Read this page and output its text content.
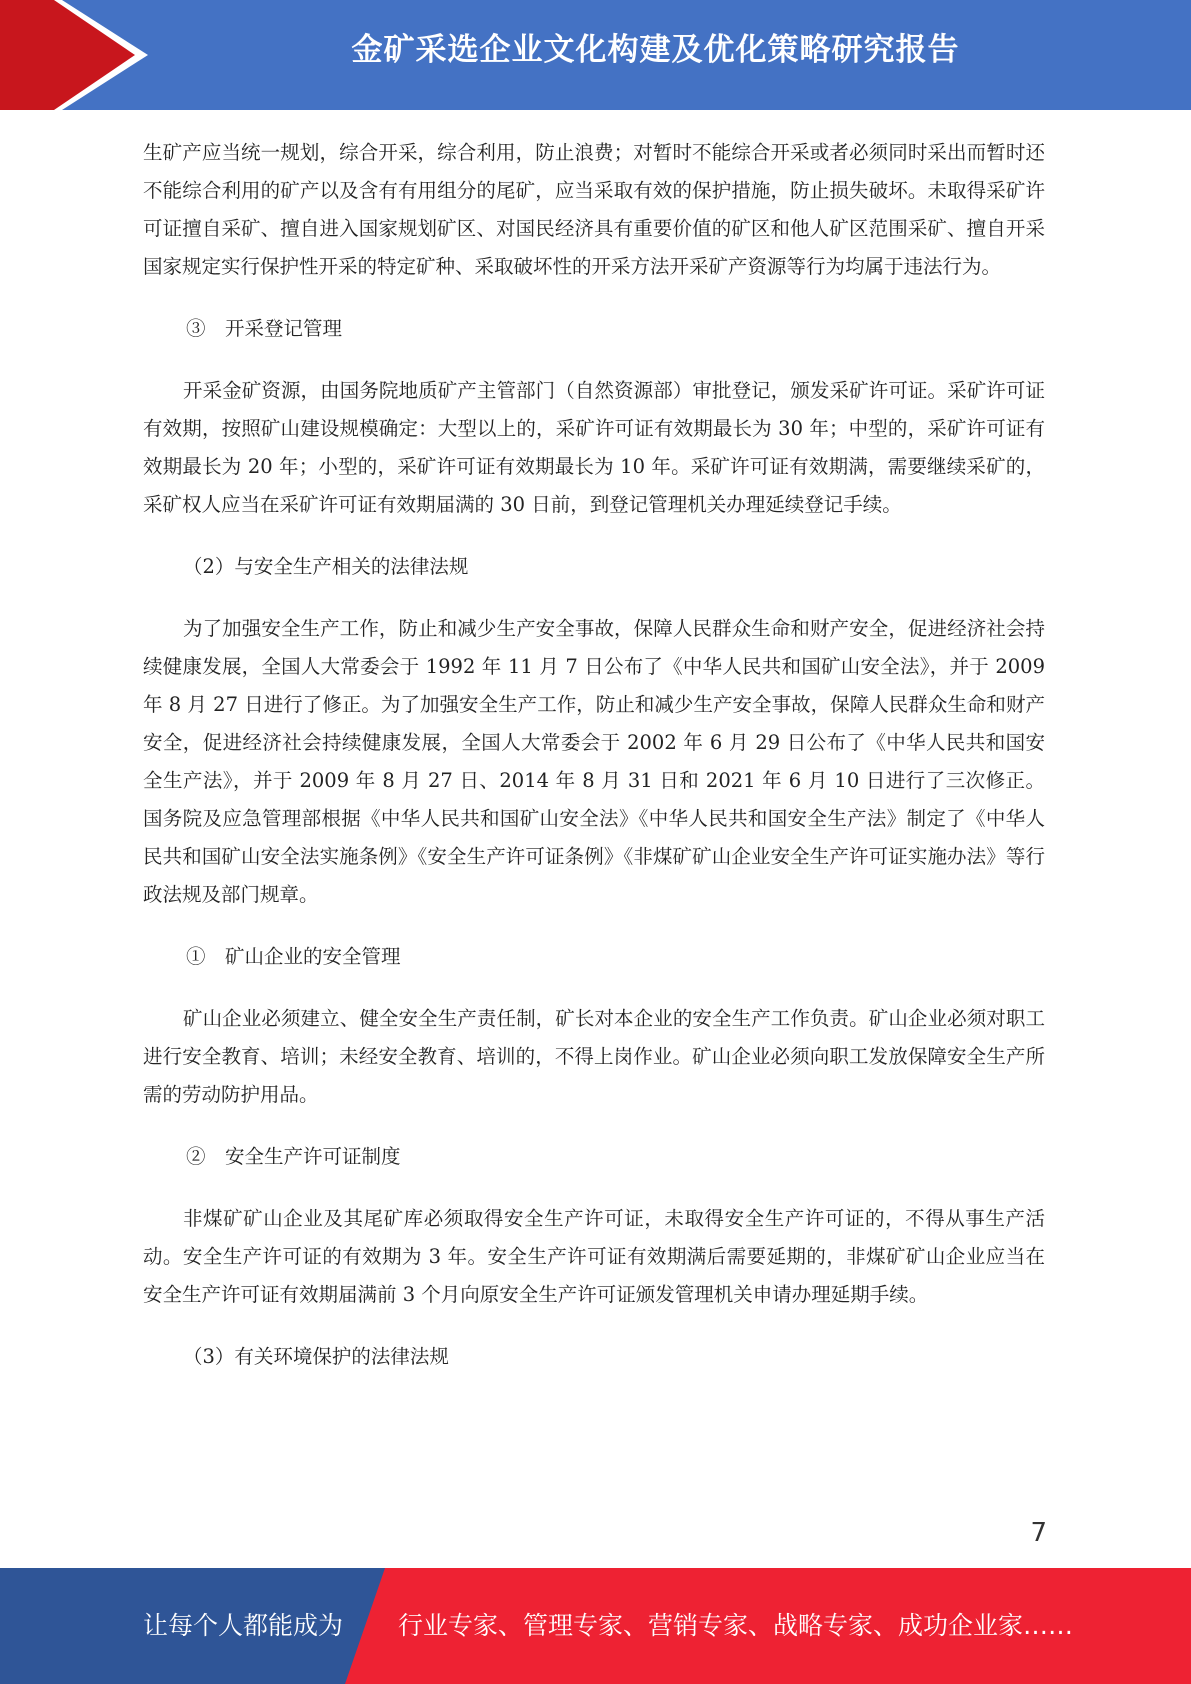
金矿采选企业文化构建及优化策略研究报告

生矿产应当统一规划，综合开采，综合利用，防止浪费；对暂时不能综合开采或者必须同时采出而暂时还不能综合利用的矿产以及含有有用组分的尾矿，应当采取有效的保护措施，防止损失破坏。未取得采矿许可证擅自采矿、擅自进入国家规划矿区、对国民经济具有重要价值的矿区和他人矿区范围采矿、擅自开采国家规定实行保护性开采的特定矿种、采取破坏性的开采方法开采矿产资源等行为均属于违法行为。

③　开采登记管理

开采金矿资源，由国务院地质矿产主管部门（自然资源部）审批登记，颁发采矿许可证。采矿许可证有效期，按照矿山建设规模确定：大型以上的，采矿许可证有效期最长为 30 年；中型的，采矿许可证有效期最长为 20 年；小型的，采矿许可证有效期最长为 10 年。采矿许可证有效期满，需要继续采矿的，采矿权人应当在采矿许可证有效期届满的 30 日前，到登记管理机关办理延续登记手续。

（2）与安全生产相关的法律法规

为了加强安全生产工作，防止和减少生产安全事故，保障人民群众生命和财产安全，促进经济社会持续健康发展，全国人大常委会于 1992 年 11 月 7 日公布了《中华人民共和国矿山安全法》，并于 2009 年 8 月 27 日进行了修正。为了加强安全生产工作，防止和减少生产安全事故，保障人民群众生命和财产安全，促进经济社会持续健康发展，全国人大常委会于 2002 年 6 月 29 日公布了《中华人民共和国安全生产法》，并于 2009 年 8 月 27 日、2014 年 8 月 31 日和 2021 年 6 月 10 日进行了三次修正。国务院及应急管理部根据《中华人民共和国矿山安全法》《中华人民共和国安全生产法》制定了《中华人民共和国矿山安全法实施条例》《安全生产许可证条例》《非煤矿矿山企业安全生产许可证实施办法》等行政法规及部门规章。

①　矿山企业的安全管理

矿山企业必须建立、健全安全生产责任制，矿长对本企业的安全生产工作负责。矿山企业必须对职工进行安全教育、培训；未经安全教育、培训的，不得上岗作业。矿山企业必须向职工发放保障安全生产所需的劳动防护用品。

②　安全生产许可证制度

非煤矿矿山企业及其尾矿库必须取得安全生产许可证，未取得安全生产许可证的，不得从事生产活动。安全生产许可证的有效期为 3 年。安全生产许可证有效期满后需要延期的，非煤矿矿山企业应当在安全生产许可证有效期届满前 3 个月向原安全生产许可证颁发管理机关申请办理延期手续。

（3）有关环境保护的法律法规

7
让每个人都能成为 行业专家、管理专家、营销专家、战略专家、成功企业家……
